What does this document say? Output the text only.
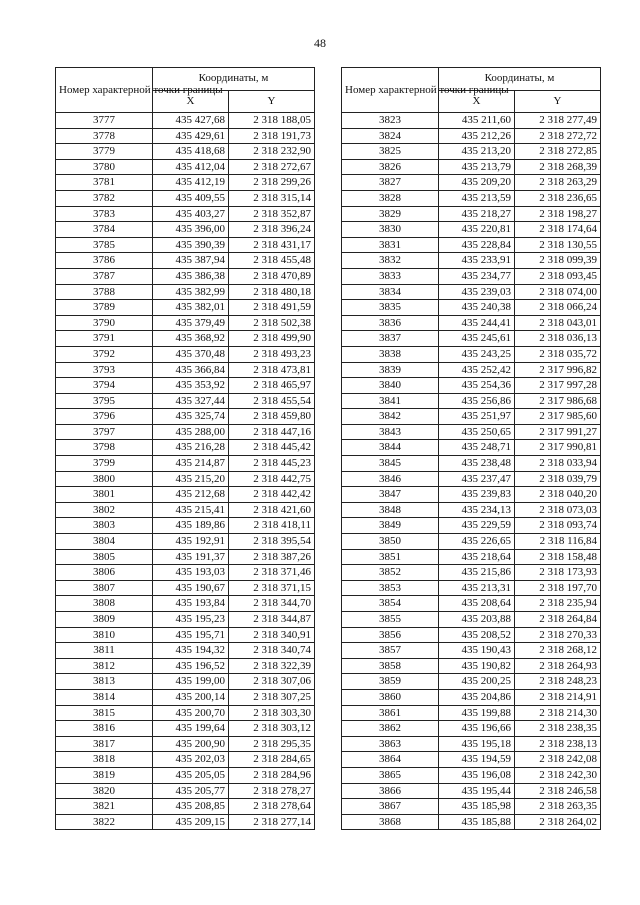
48
Номер характерной точки границы	Координаты, м	
	X	Y
3777	435 427,68	2 318 188,05
3778	435 429,61	2 318 191,73
3779	435 418,68	2 318 232,90
3780	435 412,04	2 318 272,67
3781	435 412,19	2 318 299,26
3782	435 409,55	2 318 315,14
3783	435 403,27	2 318 352,87
3784	435 396,00	2 318 396,24
3785	435 390,39	2 318 431,17
3786	435 387,94	2 318 455,48
3787	435 386,38	2 318 470,89
3788	435 382,99	2 318 480,18
3789	435 382,01	2 318 491,59
3790	435 379,49	2 318 502,38
3791	435 368,92	2 318 499,90
3792	435 370,48	2 318 493,23
3793	435 366,84	2 318 473,81
3794	435 353,92	2 318 465,97
3795	435 327,44	2 318 455,54
3796	435 325,74	2 318 459,80
3797	435 288,00	2 318 447,16
3798	435 216,28	2 318 445,42
3799	435 214,87	2 318 445,23
3800	435 215,20	2 318 442,75
3801	435 212,68	2 318 442,42
3802	435 215,41	2 318 421,60
3803	435 189,86	2 318 418,11
3804	435 192,91	2 318 395,54
3805	435 191,37	2 318 387,26
3806	435 193,03	2 318 371,46
3807	435 190,67	2 318 371,15
3808	435 193,84	2 318 344,70
3809	435 195,23	2 318 344,87
3810	435 195,71	2 318 340,91
3811	435 194,32	2 318 340,74
3812	435 196,52	2 318 322,39
3813	435 199,00	2 318 307,06
3814	435 200,14	2 318 307,25
3815	435 200,70	2 318 303,30
3816	435 199,64	2 318 303,12
3817	435 200,90	2 318 295,35
3818	435 202,03	2 318 284,65
3819	435 205,05	2 318 284,96
3820	435 205,77	2 318 278,27
3821	435 208,85	2 318 278,64
3822	435 209,15	2 318 277,14
Номер характерной точки границы	Координаты, м	
	X	Y
3823	435 211,60	2 318 277,49
3824	435 212,26	2 318 272,72
3825	435 213,20	2 318 272,85
3826	435 213,79	2 318 268,39
3827	435 209,20	2 318 263,29
3828	435 213,59	2 318 236,65
3829	435 218,27	2 318 198,27
3830	435 220,81	2 318 174,64
3831	435 228,84	2 318 130,55
3832	435 233,91	2 318 099,39
3833	435 234,77	2 318 093,45
3834	435 239,03	2 318 074,00
3835	435 240,38	2 318 066,24
3836	435 244,41	2 318 043,01
3837	435 245,61	2 318 036,13
3838	435 243,25	2 318 035,72
3839	435 252,42	2 317 996,82
3840	435 254,36	2 317 997,28
3841	435 256,86	2 317 986,68
3842	435 251,97	2 317 985,60
3843	435 250,65	2 317 991,27
3844	435 248,71	2 317 990,81
3845	435 238,48	2 318 033,94
3846	435 237,47	2 318 039,79
3847	435 239,83	2 318 040,20
3848	435 234,13	2 318 073,03
3849	435 229,59	2 318 093,74
3850	435 226,65	2 318 116,84
3851	435 218,64	2 318 158,48
3852	435 215,86	2 318 173,93
3853	435 213,31	2 318 197,70
3854	435 208,64	2 318 235,94
3855	435 203,88	2 318 264,84
3856	435 208,52	2 318 270,33
3857	435 190,43	2 318 268,12
3858	435 190,82	2 318 264,93
3859	435 200,25	2 318 248,23
3860	435 204,86	2 318 214,91
3861	435 199,88	2 318 214,30
3862	435 196,66	2 318 238,35
3863	435 195,18	2 318 238,13
3864	435 194,59	2 318 242,08
3865	435 196,08	2 318 242,30
3866	435 195,44	2 318 246,58
3867	435 185,98	2 318 263,35
3868	435 185,88	2 318 264,02
